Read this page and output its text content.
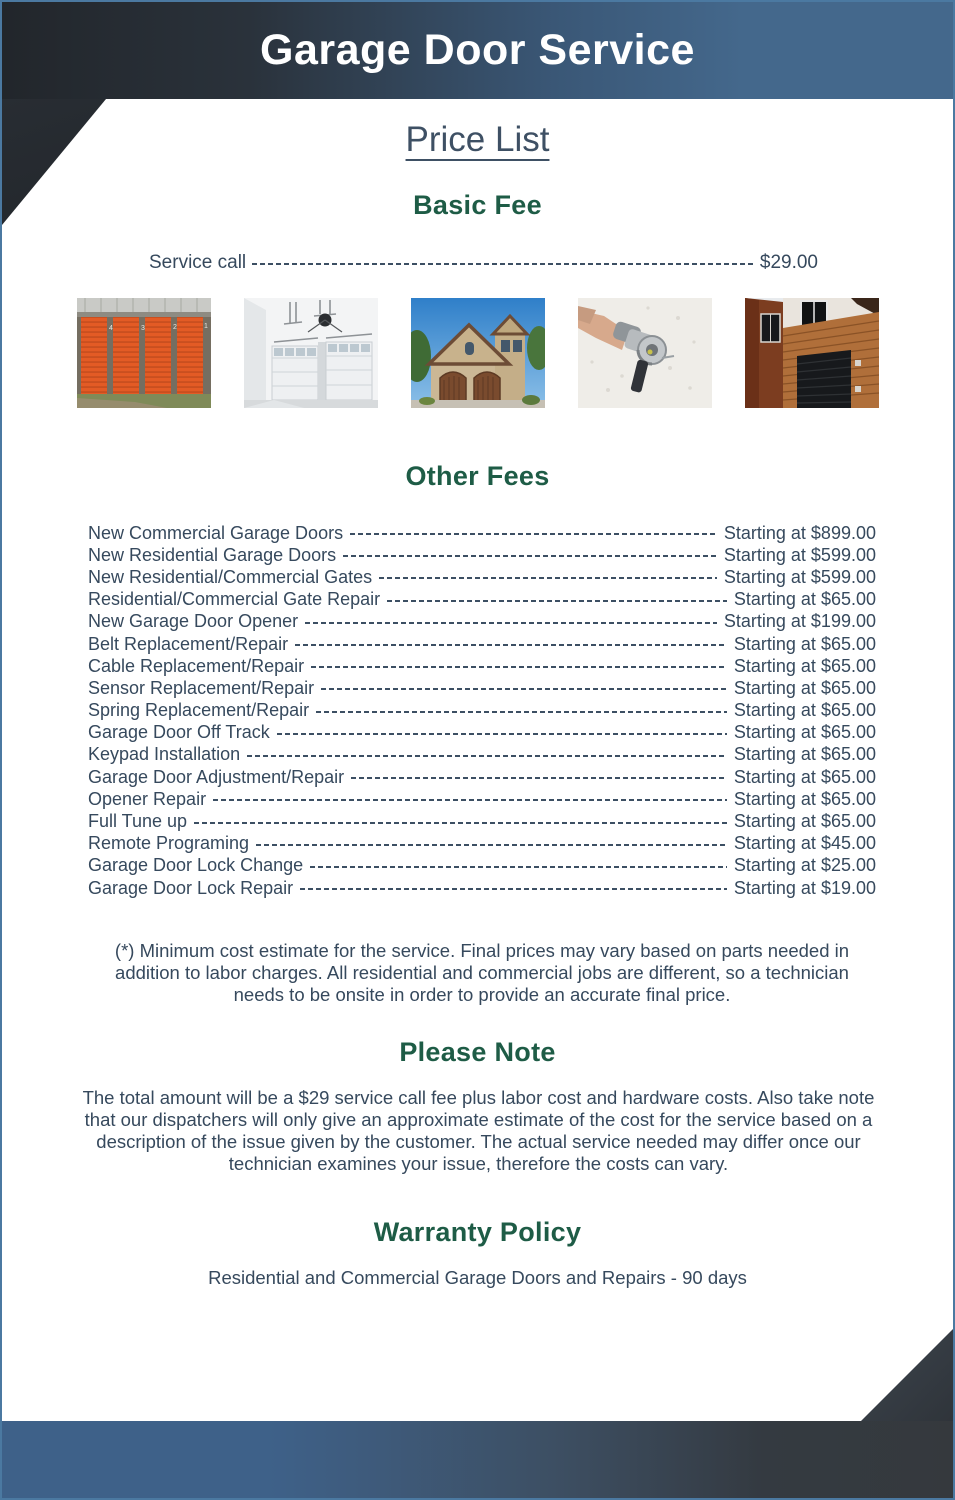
Garage Door Service
Price List
Basic Fee
Service call	$29.00
4	3	2	1
Other Fees
New Commercial Garage Doors	Starting at $899.00
New Residential Garage Doors	Starting at $599.00
New Residential/Commercial Gates	Starting at $599.00
Residential/Commercial Gate Repair	Starting at $65.00
New Garage Door Opener	Starting at $199.00
Belt Replacement/Repair	Starting at $65.00
Cable Replacement/Repair	Starting at $65.00
Sensor Replacement/Repair	Starting at $65.00
Spring Replacement/Repair	Starting at $65.00
Garage Door Off Track	Starting at $65.00
Keypad Installation	Starting at $65.00
Garage Door Adjustment/Repair	Starting at $65.00
Opener Repair	Starting at $65.00
Full Tune up	Starting at $65.00
Remote Programing	Starting at $45.00
Garage Door Lock Change	Starting at $25.00
Garage Door Lock Repair	Starting at $19.00
(*) Minimum cost estimate for the service. Final prices may vary based on parts needed in addition to labor charges. All residential and commercial jobs are different, so a technician needs to be onsite in order to provide an accurate final price.
Please Note
The total amount will be a $29 service call fee plus labor cost and hardware costs. Also take note that our dispatchers will only give an approximate estimate of the cost for the service based on a description of the issue given by the customer. The actual service needed may differ once our technician examines your issue, therefore the costs can vary.
Warranty Policy
Residential and Commercial Garage Doors and Repairs - 90 days
